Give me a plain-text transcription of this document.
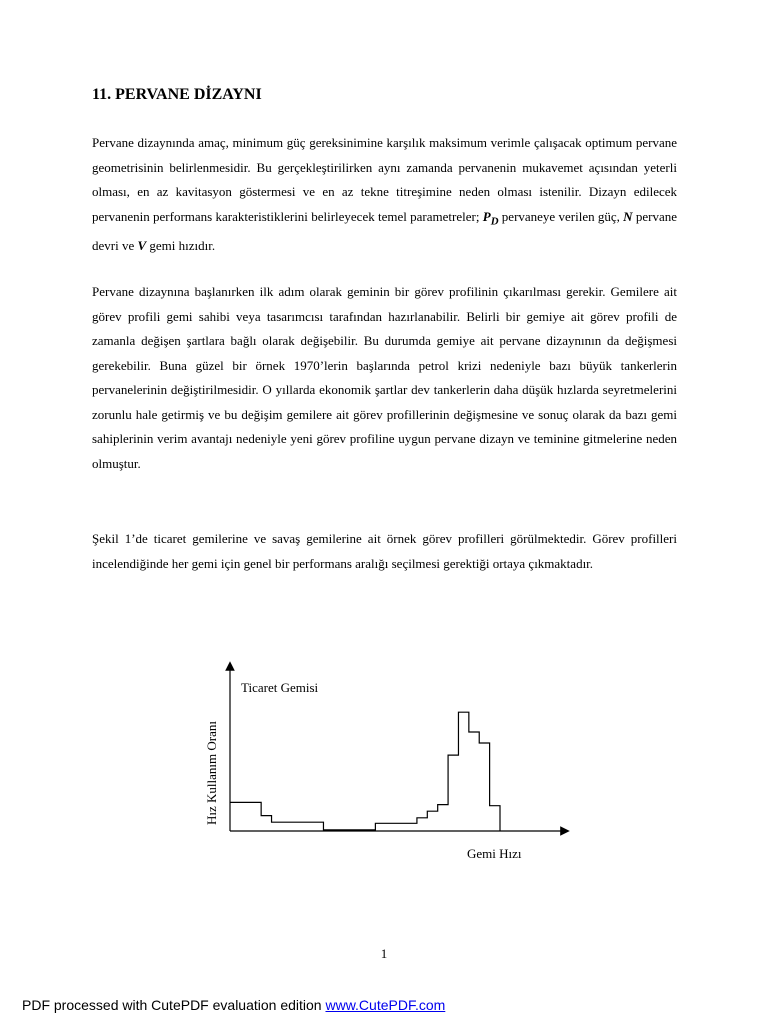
11. PERVANE DİZAYNI

Pervane dizaynında amaç, minimum güç gereksinimine karşılık maksimum verimle çalışacak optimum pervane geometrisinin belirlenmesidir. Bu gerçekleştirilirken aynı zamanda pervanenin mukavemet açısından yeterli olması, en az kavitasyon göstermesi ve en az tekne titreşimine neden olması istenilir. Dizayn edilecek pervanenin performans karakteristiklerini belirleyecek temel parametreler; $P_D$ pervaneye verilen güç, N pervane devri ve V gemi hızıdır.

Pervane dizaynına başlanırken ilk adım olarak geminin bir görev profilinin çıkarılması gerekir. Gemilere ait görev profili gemi sahibi veya tasarımcısı tarafından hazırlanabilir. Belirli bir gemiye ait görev profili de zamanla değişen şartlara bağlı olarak değişebilir. Bu durumda gemiye ait pervane dizaynının da değişmesi gerekebilir. Buna güzel bir örnek 1970’lerin başlarında petrol krizi nedeniyle bazı büyük tankerlerin pervanelerinin değiştirilmesidir. O yıllarda ekonomik şartlar dev tankerlerin daha düşük hızlarda seyretmelerini zorunlu hale getirmiş ve bu değişim gemilere ait görev profillerinin değişmesine ve sonuç olarak da bazı gemi sahiplerinin verim avantajı nedeniyle yeni görev profiline uygun pervane dizayn ve teminine gitmelerine neden olmuştur.

Şekil 1’de ticaret gemilerine ve savaş gemilerine ait örnek görev profilleri görülmektedir. Görev profilleri incelendiğinde her gemi için genel bir performans aralığı seçilmesi gerektiği ortaya çıkmaktadır.

Ticaret Gemisi
Hız Kullanım Oranı
Gemi Hızı
1
PDF processed with CutePDF evaluation edition www.CutePDF.com
